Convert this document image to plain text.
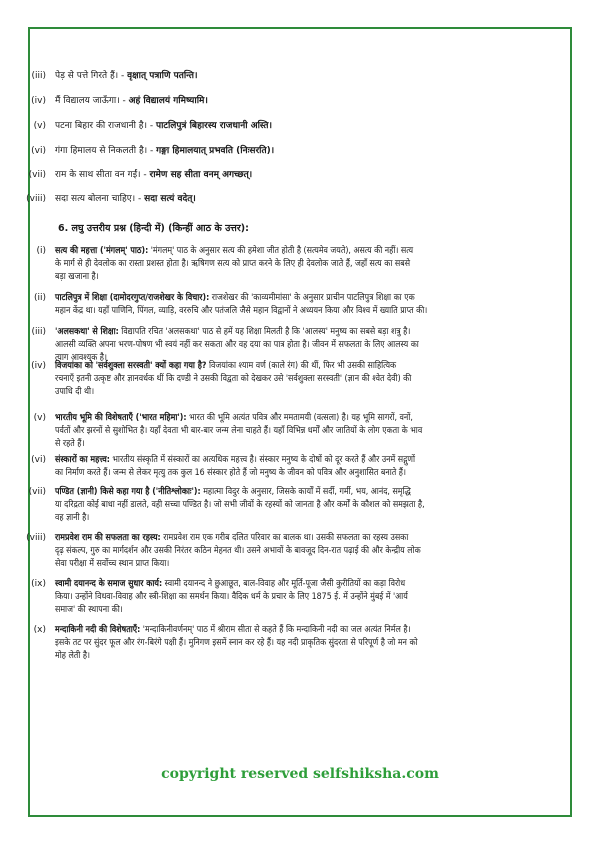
6. लघु उत्तरीय प्रश्न (हिन्दी में) (किन्हीं आठ के उत्तर):
(iii) पेड़ से पत्ते गिरते हैं। - वृक्षात् पत्राणि पतन्ति।
(iv) मैं विद्यालय जाऊँगा। - अहं विद्यालयं गमिष्यामि।
(v) पटना बिहार की राजधानी है। - पाटलिपुत्रं बिहारस्य राजधानी अस्ति।
(vi) गंगा हिमालय से निकलती है। - गङ्गा हिमालयात् प्रभवति (निःसरति)।
(vii) राम के साथ सीता वन गईं। - रामेण सह सीता वनम् अगच्छत्।
(viii) सदा सत्य बोलना चाहिए। - सदा सत्यं वदेत्।
(i) सत्य की महत्ता ('मंगलम्' पाठ): 'मंगलम्' पाठ के अनुसार सत्य की हमेशा जीत होती है (सत्यमेव जयते), असत्य की नहीं। सत्य
के मार्ग से ही देवलोक का रास्ता प्रशस्त होता है। ऋषिगण सत्य को प्राप्त करने के लिए ही देवलोक जाते हैं, जहाँ सत्य का सबसे
बड़ा खजाना है।
(ii) पाटलिपुत्र में शिक्षा (दामोदरगुप्त/राजशेखर के विचार): राजशेखर की 'काव्यमीमांसा' के अनुसार प्राचीन पाटलिपुत्र शिक्षा का एक
महान केंद्र था। यहाँ पाणिनि, पिंगल, व्याड़ि, वररुचि और पतंजलि जैसे महान विद्वानों ने अध्ययन किया और विश्व में ख्याति प्राप्त की।
(iii) 'अलसकथा' से शिक्षा: विद्यापति रचित 'अलसकथा' पाठ से हमें यह शिक्षा मिलती है कि 'आलस्य' मनुष्य का सबसे बड़ा शत्रु है।
आलसी व्यक्ति अपना भरण-पोषण भी स्वयं नहीं कर सकता और वह दया का पात्र होता है। जीवन में सफलता के लिए आलस्य का
त्याग आवश्यक है।
(iv) विजयांका को 'सर्वशुक्ला सरस्वती' क्यों कहा गया है? विजयांका श्याम वर्ण (काले रंग) की थीं, फिर भी उसकी साहित्यिक
रचनाएँ इतनी उत्कृष्ट और ज्ञानवर्धक थीं कि दण्डी ने उसकी विद्वता को देखकर उसे 'सर्वशुक्ला सरस्वती' (ज्ञान की श्वेत देवी) की
उपाधि दी थी।
(v) भारतीय भूमि की विशेषताएँ ('भारत महिमा'): भारत की भूमि अत्यंत पवित्र और ममतामयी (वत्सला) है। यह भूमि सागरों, वनों,
पर्वतों और झरनों से सुशोभित है। यहाँ देवता भी बार-बार जन्म लेना चाहते हैं। यहाँ विभिन्न धर्मों और जातियों के लोग एकता के भाव
से रहते हैं।
(vi) संस्कारों का महत्त्व: भारतीय संस्कृति में संस्कारों का अत्यधिक महत्त्व है। संस्कार मनुष्य के दोषों को दूर करते हैं और उनमें सद्गुणों
का निर्माण करते हैं। जन्म से लेकर मृत्यु तक कुल 16 संस्कार होते हैं जो मनुष्य के जीवन को पवित्र और अनुशासित बनाते हैं।
(vii) पण्डित (ज्ञानी) किसे कहा गया है ('नीतिश्लोकाः'): महात्मा विदुर के अनुसार, जिसके कार्यों में सर्दी, गर्मी, भय, आनंद, समृद्धि
या दरिद्रता कोई बाधा नहीं डालते, वही सच्चा पण्डित है। जो सभी जीवों के रहस्यों को जानता है और कर्मों के कौशल को समझता है,
वह ज्ञानी है।
(viii) रामप्रवेश राम की सफलता का रहस्य: रामप्रवेश राम एक गरीब दलित परिवार का बालक था। उसकी सफलता का रहस्य उसका
दृढ़ संकल्प, गुरु का मार्गदर्शन और उसकी निरंतर कठिन मेहनत थी। उसने अभावों के बावजूद दिन-रात पढ़ाई की और केन्द्रीय लोक
सेवा परीक्षा में सर्वोच्च स्थान प्राप्त किया।
(ix) स्वामी दयानन्द के समाज सुधार कार्य: स्वामी दयानन्द ने छुआछूत, बाल-विवाह और मूर्ति-पूजा जैसी कुरीतियों का कड़ा विरोध
किया। उन्होंने विधवा-विवाह और स्त्री-शिक्षा का समर्थन किया। वैदिक धर्म के प्रचार के लिए 1875 ई. में उन्होंने मुंबई में 'आर्य
समाज' की स्थापना की।
(x) मन्दाकिनी नदी की विशेषताएँ: 'मन्दाकिनीवर्णनम्' पाठ में श्रीराम सीता से कहते हैं कि मन्दाकिनी नदी का जल अत्यंत निर्मल है।
इसके तट पर सुंदर फूल और रंग-बिरंगे पक्षी हैं। मुनिगण इसमें स्नान कर रहे हैं। यह नदी प्राकृतिक सुंदरता से परिपूर्ण है जो मन को
मोह लेती है।
copyright reserved selfshiksha.com
